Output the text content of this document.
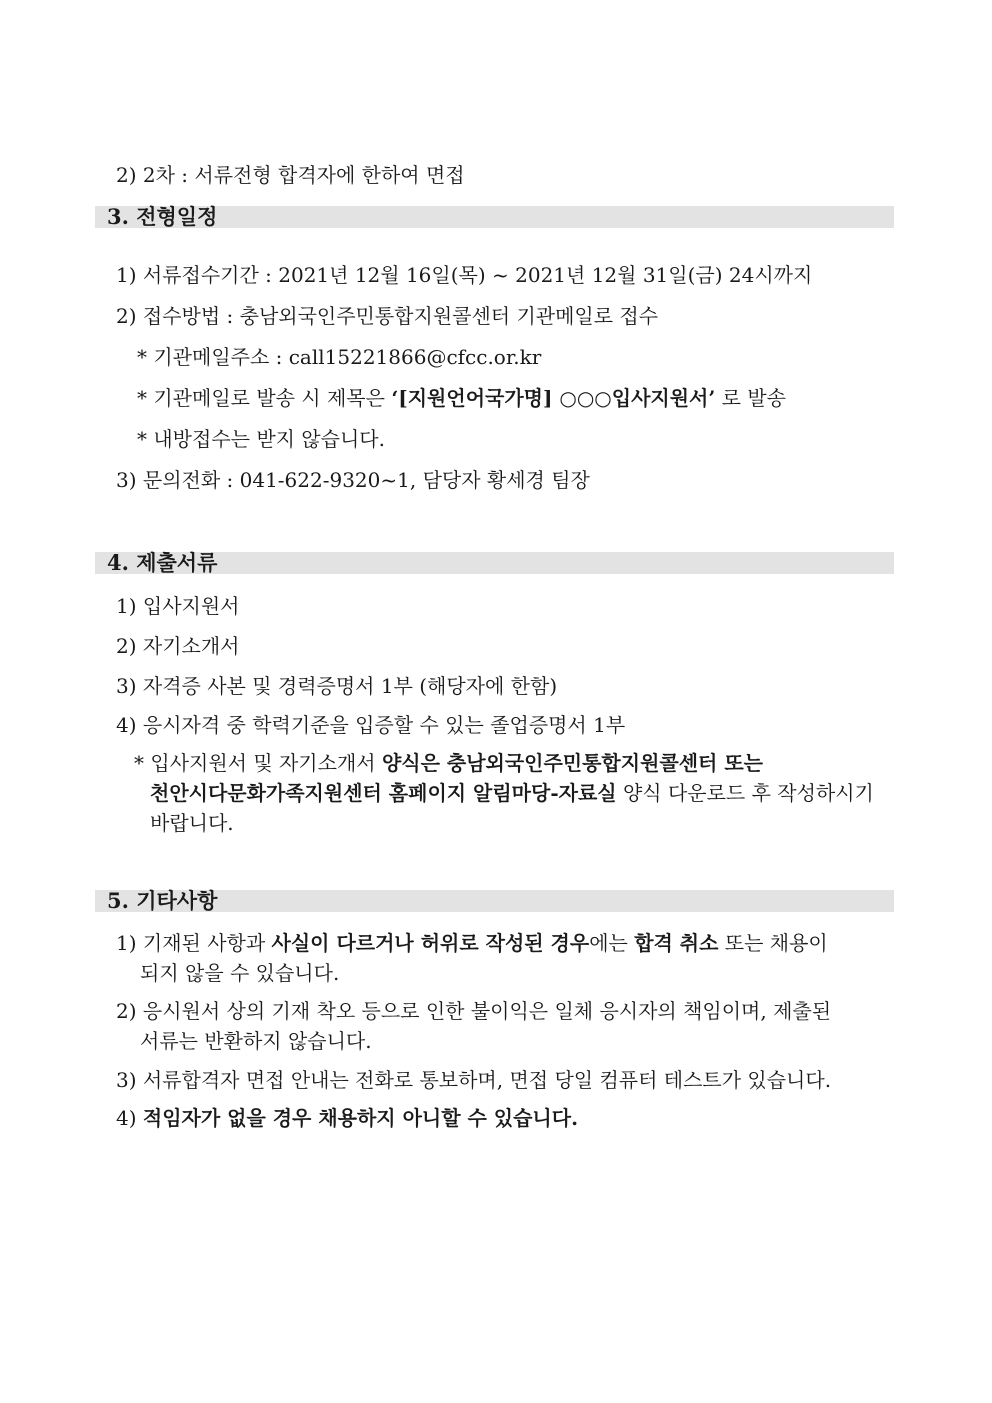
2) 2차 : 서류전형 합격자에 한하여 면접
3. 전형일정
1) 서류접수기간 : 2021년 12월 16일(목) ~ 2021년 12월 31일(금) 24시까지
2) 접수방법 : 충남외국인주민통합지원콜센터 기관메일로 접수
* 기관메일주소 : call15221866@cfcc.or.kr
* 기관메일로 발송 시 제목은 ‘[지원언어국가명] ○○○입사지원서’ 로 발송
* 내방접수는 받지 않습니다.
3) 문의전화 : 041-622-9320~1, 담당자 황세경 팀장
4. 제출서류
1) 입사지원서
2) 자기소개서
3) 자격증 사본 및 경력증명서 1부 (해당자에 한함)
4) 응시자격 중 학력기준을 입증할 수 있는 졸업증명서 1부
* 입사지원서 및 자기소개서 양식은 충남외국인주민통합지원콜센터 또는
천안시다문화가족지원센터 홈페이지 알림마당-자료실 양식 다운로드 후 작성하시기
바랍니다.
5. 기타사항
1) 기재된 사항과 사실이 다르거나 허위로 작성된 경우에는 합격 취소 또는 채용이
되지 않을 수 있습니다.
2) 응시원서 상의 기재 착오 등으로 인한 불이익은 일체 응시자의 책임이며, 제출된
서류는 반환하지 않습니다.
3) 서류합격자 면접 안내는 전화로 통보하며, 면접 당일 컴퓨터 테스트가 있습니다.
4) 적임자가 없을 경우 채용하지 아니할 수 있습니다.
